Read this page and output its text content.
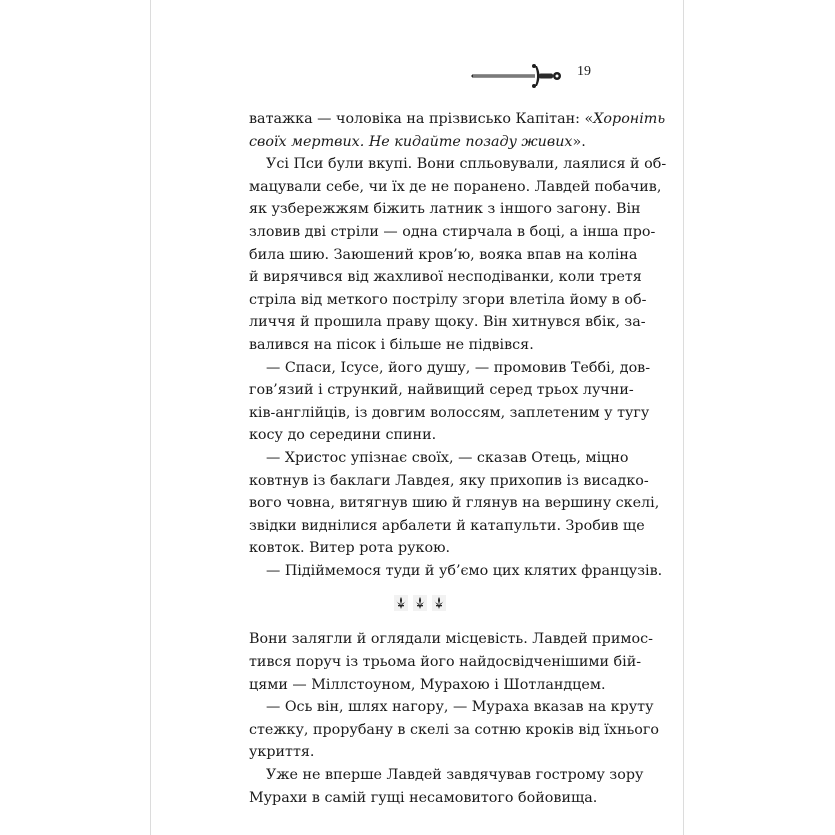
19
ватажка — чоловіка на прізвисько Капітан: «Хороніть
своїх мертвих. Не кидайте позаду живих».
Усі Пси були вкупі. Вони спльовували, лаялися й об-
мацували себе, чи їх де не поранено. Лавдей побачив,
як узбережжям біжить латник з іншого загону. Він
зловив дві стріли — одна стирчала в боці, а інша про-
била шию. Заюшений кров’ю, вояка впав на коліна
й вирячився від жахливої несподіванки, коли третя
стріла від меткого пострілу згори влетіла йому в об-
личчя й прошила праву щоку. Він хитнувся вбік, за-
валився на пісок і більше не підвівся.
— Спаси, Ісусе, його душу, — промовив Теббі, дов-
гов’язий і стрункий, найвищий серед трьох лучни-
ків-англійців, із довгим волоссям, заплетеним у тугу
косу до середини спини.
— Христос упізнає своїх, — сказав Отець, міцно
ковтнув із баклаги Лавдея, яку прихопив із висадко-
вого човна, витягнув шию й глянув на вершину скелі,
звідки виднілися арбалети й катапульти. Зробив ще
ковток. Витер рота рукою.
— Підіймемося туди й уб’ємо цих клятих французів.
Вони залягли й оглядали місцевість. Лавдей примос-
тився поруч із трьома його найдосвідченішими бій-
цями — Міллстоуном, Мурахою і Шотландцем.
— Ось він, шлях нагору, — Мураха вказав на круту
стежку, прорубану в скелі за сотню кроків від їхнього
укриття.
Уже не вперше Лавдей завдячував гострому зору
Мурахи в самій гущі несамовитого бойовища.
